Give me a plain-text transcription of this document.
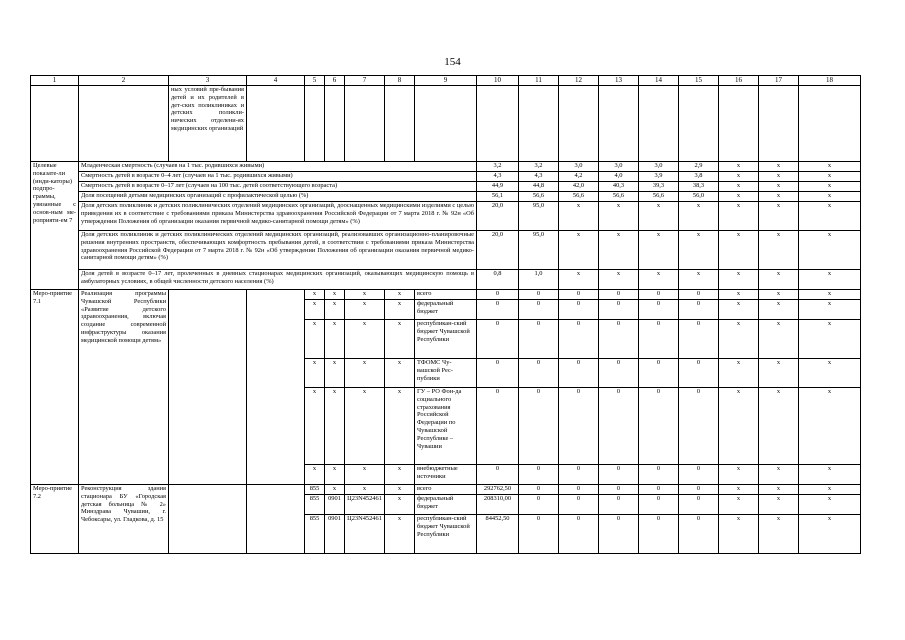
154
1	2	3	4	5	6	7	8	9	10	11	12	13	14	15	16	17	18
		ных условий пре-бывания детей и их родителей в дет-ских поликлиниках и детских поликли-нических отделени-ях медицинских организаций															
Целевые показате-ли (инди-каторы) подпро-граммы, увязанные с основ-ным ме-роприяти-ем 7	Младенческая смертность (случаев на 1 тыс. родившихся живыми)								3,2	3,2	3,0	3,0	3,0	2,9	x	x	x
	Смертность детей в возрасте 0–4 лет (случаев на 1 тыс. родившихся живыми)								4,3	4,3	4,2	4,0	3,9	3,8	x	x	x
	Смертность детей в возрасте 0–17 лет (случаев на 100 тыс. детей соответствующего возраста)								44,9	44,8	42,0	40,3	39,3	38,3	x	x	x
	Доля посещений детьми медицинских организаций с профилактической целью (%)								56,1	56,6	56,6	56,6	56,6	56,0	x	x	x
	Доля детских поликлиник и детских поликлинических отделений медицинских организаций, дооснащенных медицинскими изделиями с целью приведения их в соответствие с требованиями приказа Министерства здравоохранения Российской Федерации от 7 марта 2018 г. № 92н «Об утверждении Положения об организации оказания первичной медико-санитарной помощи детям» (%)								20,0	95,0	x	x	x	x	x	x	x
	Доля детских поликлиник и детских поликлинических отделений медицинских организаций, реализовавших организационно-планировочные решения внутренних пространств, обеспечивающих комфортность пребывания детей, в соответствии с требованиями приказа Министерства здравоохранения Российской Федерации от 7 марта 2018 г. № 92н «Об утверждении Положения об организации оказания первичной медико-санитарной помощи детям» (%)								20,0	95,0	x	x	x	x	x	x	x
	Доля детей в возрасте 0–17 лет, пролеченных в дневных стационарах медицинских организаций, оказывающих медицинскую помощь в амбулаторных условиях, в общей численности детского населения (%)								0,8	1,0	x	x	x	x	x	x	x
Меро-приятие 7.1	Реализация программы Чувашской Республики «Развитие детского здравоохранения, включая создание современной инфраструктуры оказания медицинской помощи детям»			x	x	x	x	всего	0	0	0	0	0	0	x	x	x
				x	x	x	x	федеральный бюджет	0	0	0	0	0	0	x	x	x
				x	x	x	x	республикан-ский бюджет Чувашской Республики	0	0	0	0	0	0	x	x	x
				x	x	x	x	ТФОМС Чу-вашской Рес-публики	0	0	0	0	0	0	x	x	x
				x	x	x	x	ГУ – РО Фон-да социального страхования Российской Федерации по Чувашской Республике – Чувашии	0	0	0	0	0	0	x	x	x
				x	x	x	x	внебюджетные источники	0	0	0	0	0	0	x	x	x
Меро-приятие 7.2	Реконструкция здания стационара БУ «Городская детская больница № 2» Минздрава Чувашии, г. Чебоксары, ул. Гладкова, д. 15			855	x	x	x	всего	292762,50	0	0	0	0	0	x	x	x
				855	0901	Ц23N452461	x	федеральный бюджет	208310,00	0	0	0	0	0	x	x	x
				855	0901	Ц23N452461	x	республикан-ский бюджет Чувашской Республики	84452,50	0	0	0	0	0	x	x	x
